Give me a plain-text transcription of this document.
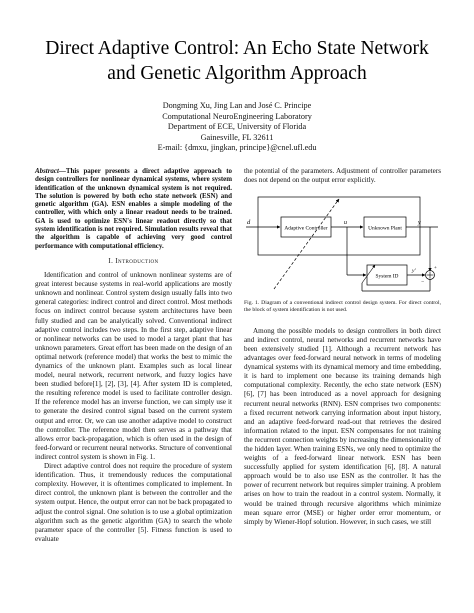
Direct Adaptive Control: An Echo State Network
and Genetic Algorithm Approach
Dongming Xu, Jing Lan and José C. Principe
Computational NeuroEngineering Laboratory
Department of ECE, University of Florida
Gainesville, FL 32611
E-mail: {dmxu, jingkan, principe}@cnel.ufl.edu
Abstract—This paper presents a direct adaptive approach to design controllers for nonlinear dynamical systems, where system identification of the unknown dynamical system is not required. The solution is powered by both echo state network (ESN) and genetic algorithm (GA). ESN enables a simple modeling of the controller, with which only a linear readout needs to be trained. GA is used to optimize ESN's linear readout directly so that system identification is not required. Simulation results reveal that the algorithm is capable of achieving very good control performance with computational efficiency.
I. Introduction

Identification and control of unknown nonlinear systems are of great interest because systems in real-world applications are mostly unknown and nonlinear. Control system design usually falls into two general categories: indirect control and direct control. Most methods focus on indirect control because system architectures have been fully studied and can be analytically solved. Conventional indirect adaptive control includes two steps. In the first step, adaptive linear or nonlinear networks can be used to model a target plant that has unknown parameters. Great effort has been made on the design of an optimal network (reference model) that works the best to mimic the dynamics of the unknown plant. Examples such as local linear model, neural network, recurrent network, and fuzzy logics have been studied before[1], [2], [3], [4]. After system ID is completed, the resulting reference model is used to facilitate controller design. If the reference model has an inverse function, we can simply use it to generate the desired control signal based on the current system output and error. Or, we can use another adaptive model to construct the controller. The reference model then serves as a pathway that allows error back-propagation, which is often used in the design of feed-forward or recurrent neural networks. Structure of conventional indirect control system is shown in Fig. 1.

Direct adaptive control does not require the procedure of system identification. Thus, it tremendously reduces the computational complexity. However, it is oftentimes complicated to implement. In direct control, the unknown plant is between the controller and the system output. Hence, the output error can not be back propagated to adjust the control signal. One solution is to use a global optimization algorithm such as the genetic algorithm (GA) to search the whole parameter space of the controller [5]. Fitness function is used to evaluate

the potential of the parameters. Adjustment of controller parameters does not depend on the output error explicitly.

d
Adaptive Controller
u
Unknown Plant
y
System ID
y'	+
−
Fig. 1. Diagram of a conventional indirect control design system. For direct control, the block of system identification is not used.

Among the possible models to design controllers in both direct and indirect control, neural networks and recurrent networks have been extensively studied [1]. Although a recurrent network has advantages over feed-forward neural network in terms of modeling dynamical systems with its dynamical memory and time embedding, it is hard to implement one because its training demands high computational complexity. Recently, the echo state network (ESN) [6], [7] has been introduced as a novel approach for designing recurrent neural networks (RNN). ESN comprises two components: a fixed recurrent network carrying information about input history, and an adaptive feed-forward read-out that retrieves the desired information related to the input. ESN compensates for not training the recurrent connection weights by increasing the dimensionality of the hidden layer. When training ESNs, we only need to optimize the weights of a feed-forward linear network. ESN has been successfully applied for system identification [6], [8]. A natural approach would be to also use ESN as the controller. It has the power of recurrent network but requires simpler training. A problem arises on how to train the readout in a control system. Normally, it would be trained through recursive algorithms which minimize mean square error (MSE) or higher order error momentum, or simply by Wiener-Hopf solution. However, in such cases, we still
